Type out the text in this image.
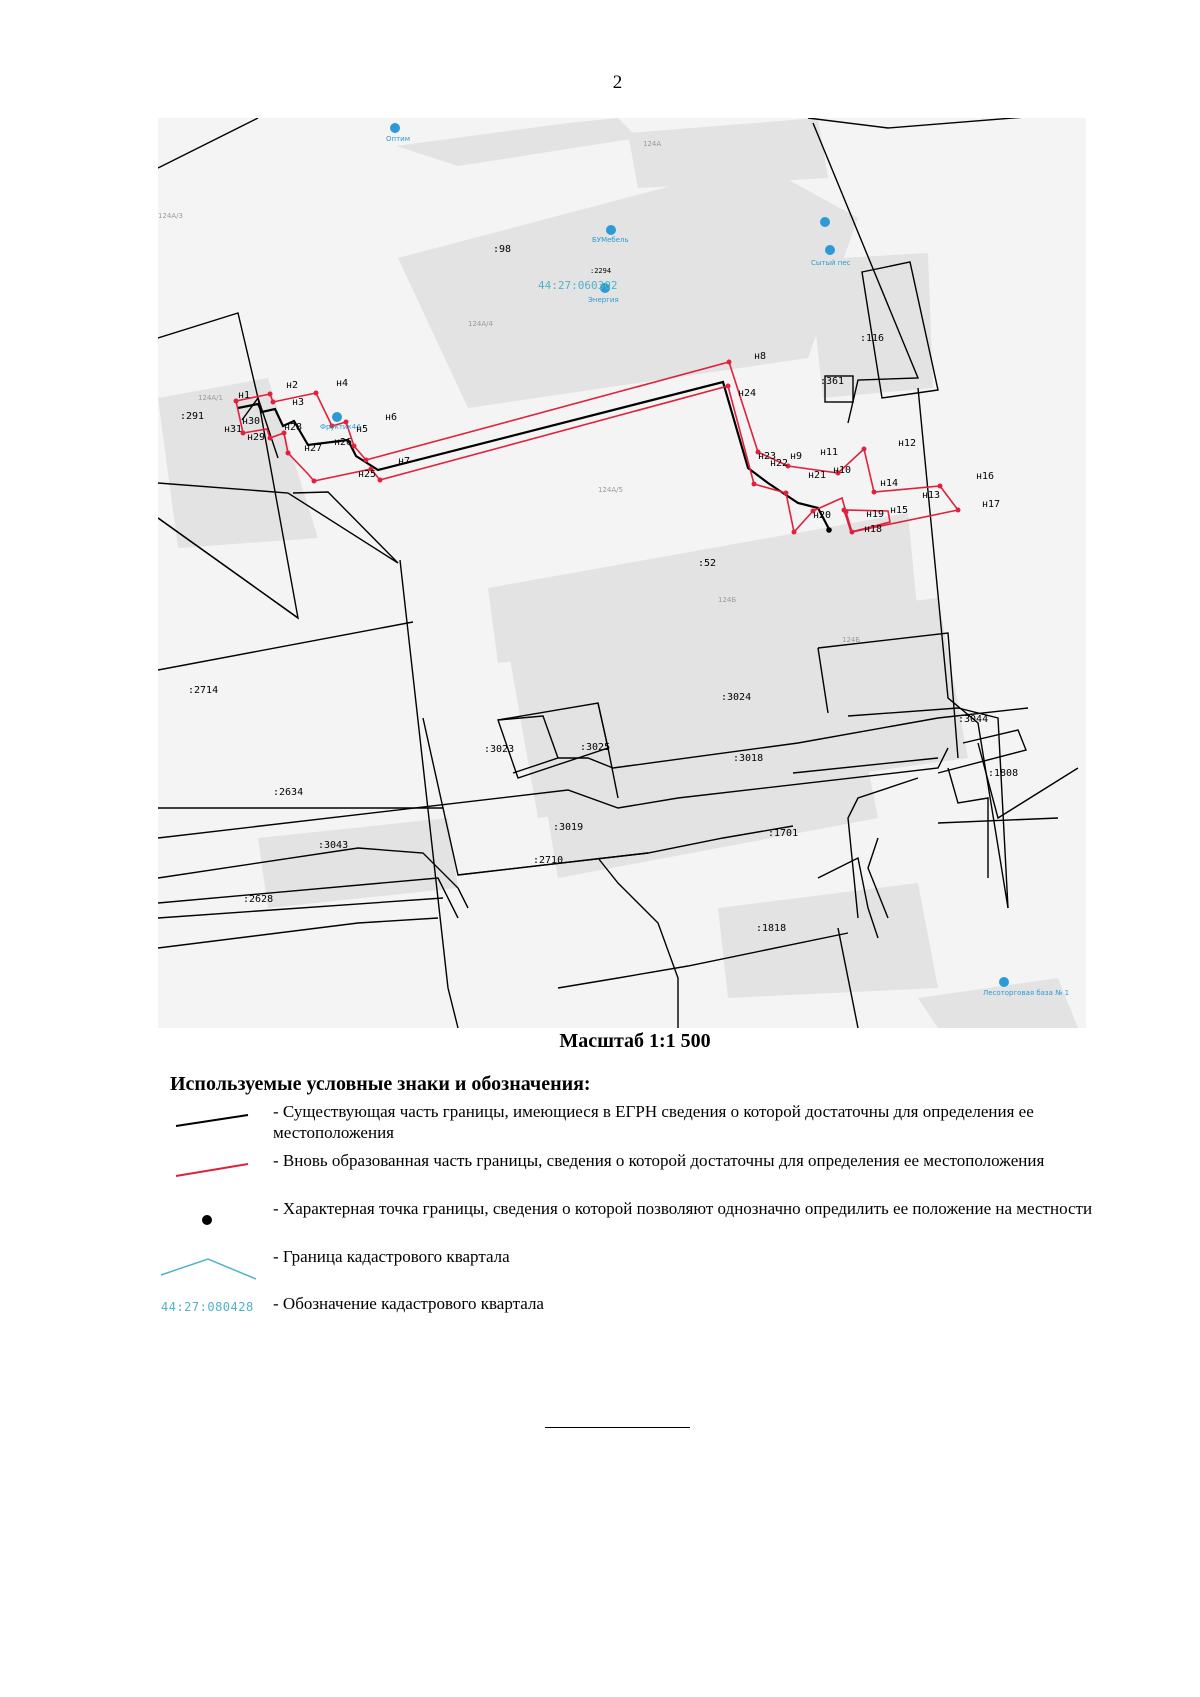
2
:98
:2294
:291
:361
:116
:52
:2714
:3024
:3044
:3023	:3025
:3018
:1808
:2634
:3019
:1701
:3043
:2710
:2628
:1818
124А
124А/3
124А/4
124А/1
124А/5
124Б
124Б
Оптим
БУМебель
Сытый пес
Энергия
Фруктик44
Лесоторговая база № 1
44:27:060302
н1
н2
н3
н4
н5
н6
н7
н8
н9
н10
н11
н12
н13
н14
н15
н16
н17
н18
н19
н20
н21
н22
н23
н24
н25
н26
н27
н28
н29
н30
н31
Масштаб 1:1 500
Используемые условные знаки и обозначения:
- Существующая часть границы, имеющиеся в ЕГРН сведения о которой достаточны для определения ее местоположения
- Вновь образованная часть границы, сведения о которой достаточны для определения ее местоположения
- Характерная точка границы, сведения о которой позволяют однозначно опредилить ее положение на местности
- Граница кадастрового квартала
44:27:080428 - Обозначение кадастрового квартала
